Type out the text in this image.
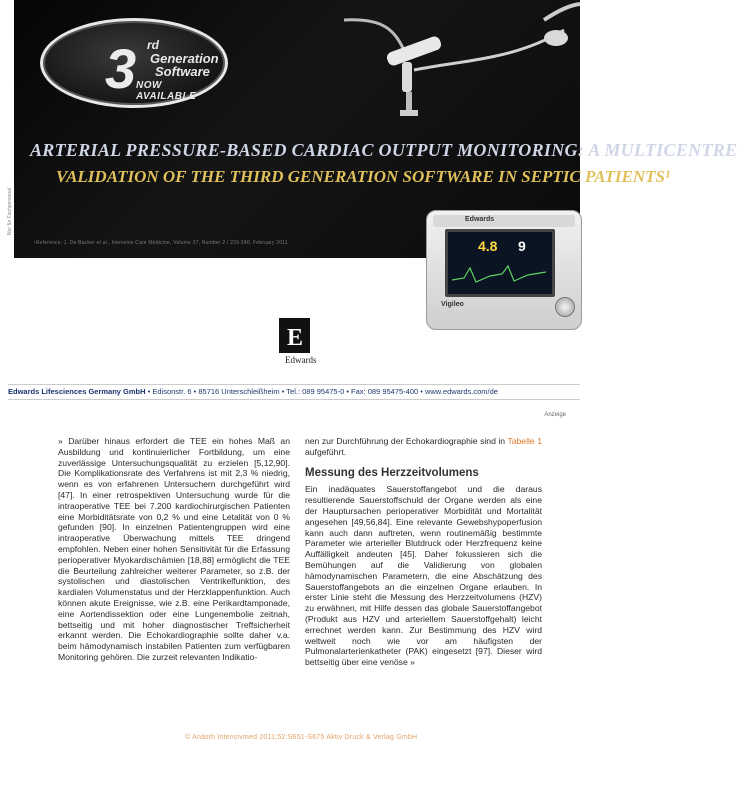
Nur für Fachpersonal
3 rd
Generation
Software
NOW AVAILABLE
ARTERIAL PRESSURE-BASED CARDIAC OUTPUT MONITORING: A MULTICENTRE
VALIDATION OF THE THIRD GENERATION SOFTWARE IN SEPTIC PATIENTS¹
¹Reference: J. De Backer et al., Intensive Care Medicine, Volume 37, Number 2 / 233-240, February 2011
Edwards
4.8 9
Vigileo
E
Edwards
Edwards Lifesciences Germany GmbH • Edisonstr. 6 • 85716 Unterschleißheim • Tel.: 089 95475-0 • Fax: 089 95475-400 • www.edwards.com/de
Anzeige

» Darüber hinaus erfordert die TEE ein hohes Maß an Ausbildung und kontinuierlicher Fortbildung, um eine zuverlässige Untersuchungsqualität zu erzielen [5,12,90]. Die Komplikationsrate des Verfahrens ist mit 2,3 % niedrig, wenn es von erfahrenen Untersuchern durchgeführt wird [47]. In einer retrospektiven Untersuchung wurde für die intraoperative TEE bei 7.200 kardiochirurgischen Patienten eine Morbiditätsrate von 0,2 % und eine Letalität von 0 % gefunden [90]. In einzelnen Patientengruppen wird eine intraoperative Überwachung mittels TEE dringend empfohlen. Neben einer hohen Sensitivität für die Erfassung perioperativer Myokardischämien [18,88] ermöglicht die TEE die Beurteilung zahlreicher weiterer Parameter, so z.B. der systolischen und diastolischen Ventrikelfunktion, des kardialen Volumenstatus und der Herzklappenfunktion. Auch können akute Ereignisse, wie z.B. eine Perikardtamponade, eine Aortendissektion oder eine Lungenembolie zeitnah, bettseitig und mit hoher diagnostischer Treffsicherheit erkannt werden. Die Echokardiographie sollte daher v.a. beim hämodynamisch instabilen Patienten zum verfügbaren Monitoring gehören. Die zurzeit relevanten Indikatio-

nen zur Durchführung der Echokardiographie sind in Tabelle 1 aufgeführt.

Messung des Herzzeitvolumens

Ein inadäquates Sauerstoffangebot und die daraus resultierende Sauerstoffschuld der Organe werden als eine der Hauptursachen perioperativer Morbidität und Mortalität angesehen [49,56,84]. Eine relevante Gewebshypoperfusion kann auch dann auftreten, wenn routinemäßig bestimmte Parameter wie arterieller Blutdruck oder Herzfrequenz keine Auffälligkeit andeuten [45]. Daher fokussieren sich die Bemühungen auf die Validierung von globalen hämodynamischen Parametern, die eine Abschätzung des Sauerstoffangebots an die einzelnen Organe erlauben. In erster Linie steht die Messung des Herzzeitvolumens (HZV) zu erwähnen, mit Hilfe dessen das globale Sauerstoffangebot (Produkt aus HZV und arteriellem Sauerstoffgehalt) leicht errechnet werden kann. Zur Bestimmung des HZV wird weltweit noch wie vor am häufigsten der Pulmonalarterienkatheter (PAK) eingesetzt [97]. Dieser wird bettseitig über eine venöse »

© Anästh Intensivmed 2011;52:S651-S675 Aktiv Druck & Verlag GmbH
